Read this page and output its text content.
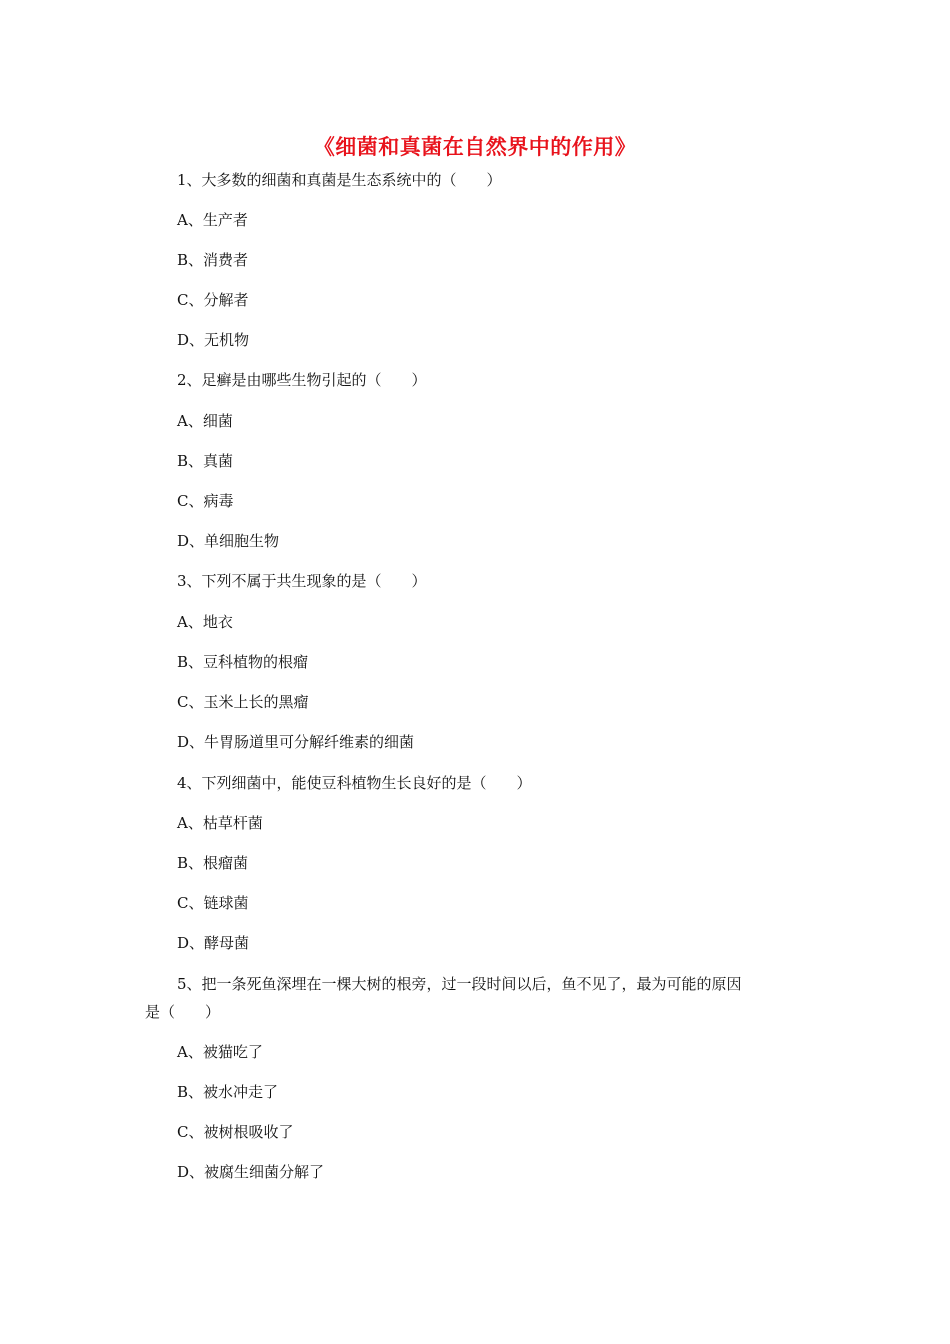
《细菌和真菌在自然界中的作用》
1、大多数的细菌和真菌是生态系统中的（　　）
A、生产者
B、消费者
C、分解者
D、无机物
2、足癣是由哪些生物引起的（　　）
A、细菌
B、真菌
C、病毒
D、单细胞生物
3、下列不属于共生现象的是（　　）
A、地衣
B、豆科植物的根瘤
C、玉米上长的黑瘤
D、牛胃肠道里可分解纤维素的细菌
4、下列细菌中，能使豆科植物生长良好的是（　　）
A、枯草杆菌
B、根瘤菌
C、链球菌
D、酵母菌
5、把一条死鱼深埋在一棵大树的根旁，过一段时间以后，鱼不见了，最为可能的原因
是（　　）
A、被猫吃了
B、被水冲走了
C、被树根吸收了
D、被腐生细菌分解了
